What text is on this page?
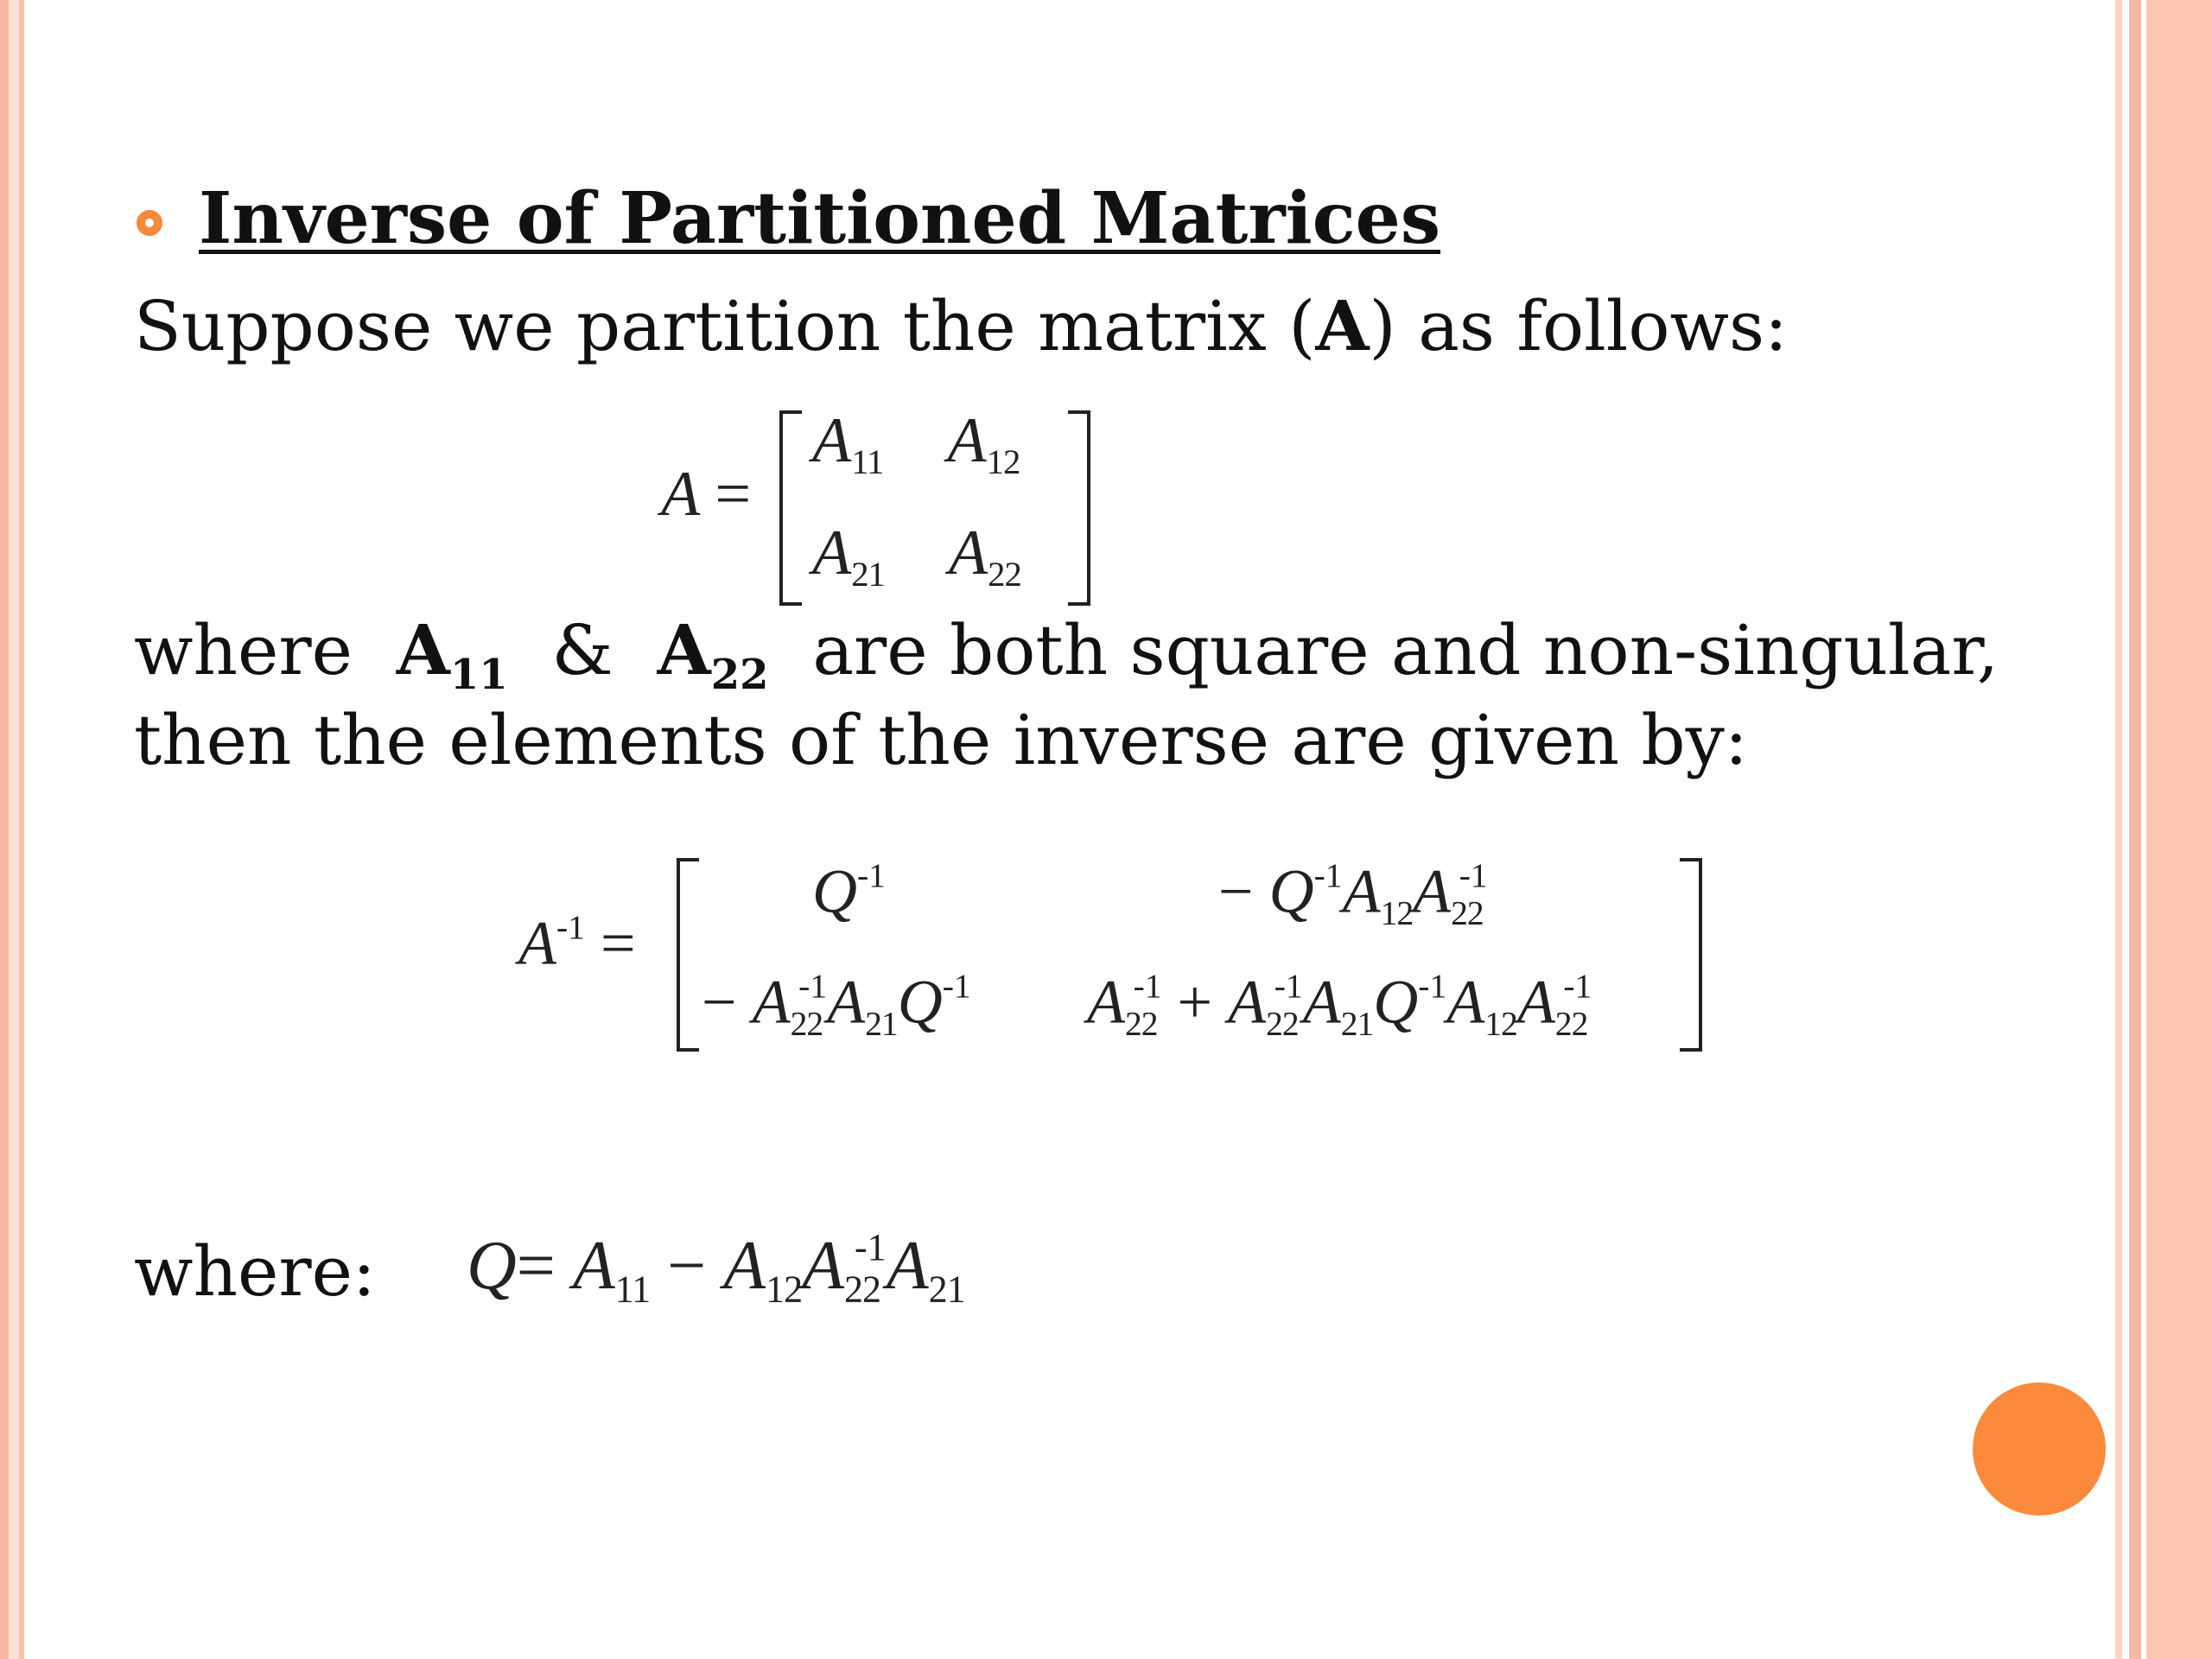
Inverse of Partitioned Matrices
Suppose we partition the matrix (A) as follows:
A =
$A_{11}$    $A_{12}$
$A_{21}$    $A_{22}$
where $A_{11}$ & $A_{22}$ are both square and non-singular,
then the elements of the inverse are given by:
$A^{-1}$ =
$Q^{-1}$	− $Q^{-1}A_{12}A_{22}^{-1}$
− $A_{22}^{-1}A_{21}Q^{-1}$ $A_{22}^{-1} + A_{22}^{-1}A_{21}Q^{-1}A_{12}A_{22}^{-1}$
where: $Q= A_{11} - A_{12}A_{22}^{-1}A_{21}$
